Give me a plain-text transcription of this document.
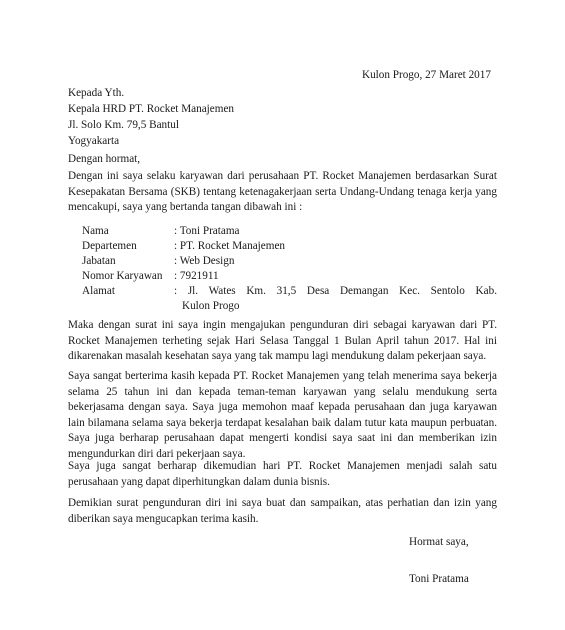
Kulon Progo, 27 Maret 2017
Kepada Yth.
Kepala HRD PT. Rocket Manajemen
Jl. Solo Km. 79,5 Bantul
Yogyakarta
Dengan hormat,
Dengan ini saya selaku karyawan dari perusahaan PT. Rocket Manajemen berdasarkan Surat Kesepakatan Bersama (SKB) tentang ketenagakerjaan serta Undang-Undang tenaga kerja yang mencakupi, saya yang bertanda tangan dibawah ini :
Nama	: Toni Pratama
Departemen	: PT. Rocket Manajemen
Jabatan	: Web Design
Nomor Karyawan : 7921911
Alamat	: Jl. Wates Km. 31,5 Desa Demangan Kec. Sentolo Kab.
Kulon Progo
Maka dengan surat ini saya ingin mengajukan pengunduran diri sebagai karyawan dari PT. Rocket Manajemen terheting sejak Hari Selasa Tanggal 1 Bulan April tahun 2017. Hal ini dikarenakan masalah kesehatan saya yang tak mampu lagi mendukung dalam pekerjaan saya.
Saya sangat berterima kasih kepada PT. Rocket Manajemen yang telah menerima saya bekerja selama 25 tahun ini dan kepada teman-teman karyawan yang selalu mendukung serta bekerjasama dengan saya. Saya juga memohon maaf kepada perusahaan dan juga karyawan lain bilamana selama saya bekerja terdapat kesalahan baik dalam tutur kata maupun perbuatan. Saya juga berharap perusahaan dapat mengerti kondisi saya saat ini dan memberikan izin mengundurkan diri dari pekerjaan saya.
Saya juga sangat berharap dikemudian hari PT. Rocket Manajemen menjadi salah satu perusahaan yang dapat diperhitungkan dalam dunia bisnis.
Demikian surat pengunduran diri ini saya buat dan sampaikan, atas perhatian dan izin yang diberikan saya mengucapkan terima kasih.
Hormat saya,
Toni Pratama
